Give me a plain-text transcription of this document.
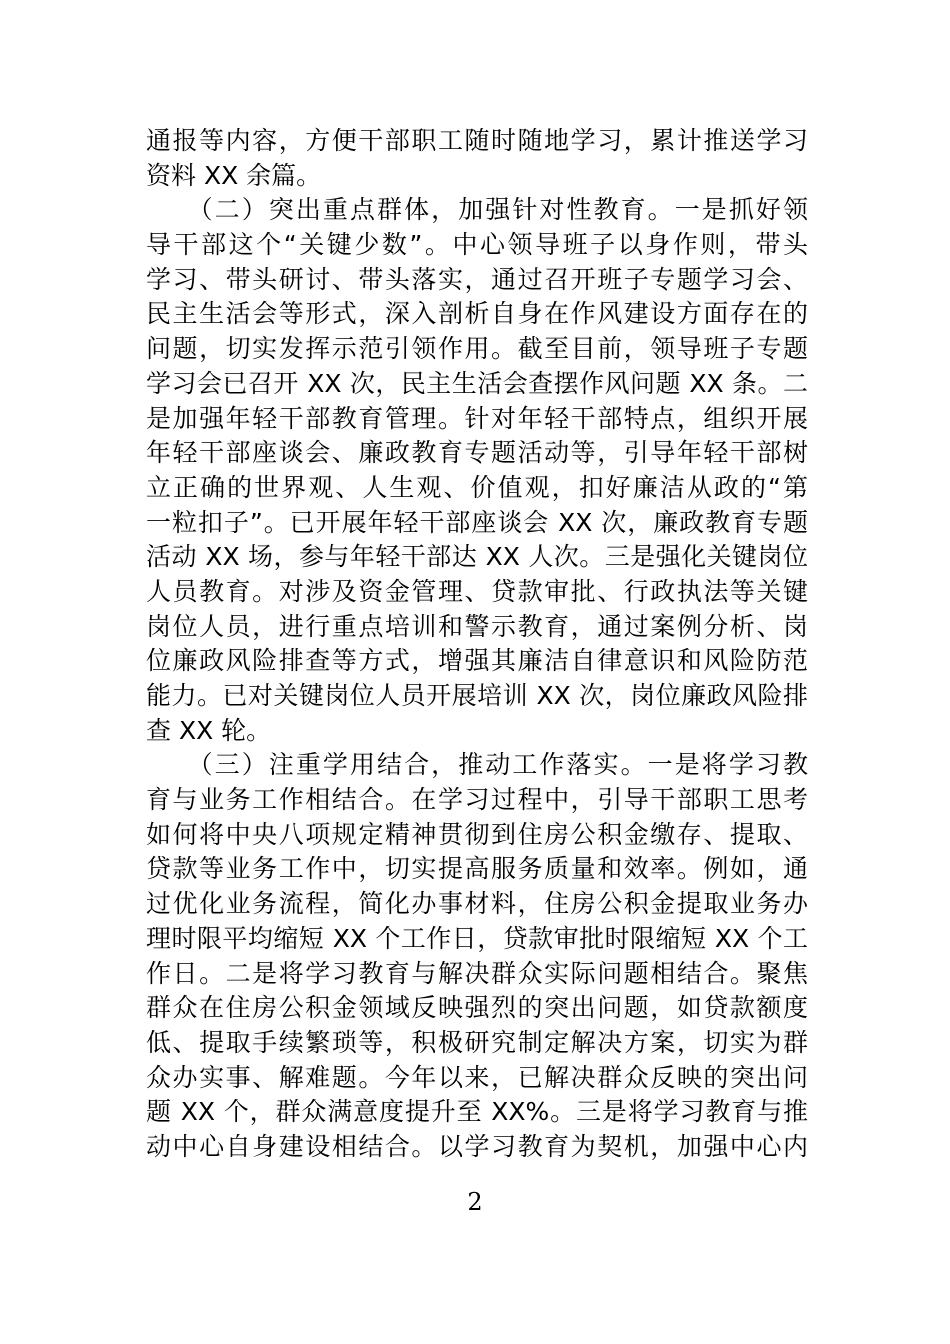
通报等内容，方便干部职工随时随地学习，累计推送学习
资料 XX 余篇。
　　（二）突出重点群体，加强针对性教育。一是抓好领
导干部这个“关键少数”。中心领导班子以身作则，带头
学习、带头研讨、带头落实，通过召开班子专题学习会、
民主生活会等形式，深入剖析自身在作风建设方面存在的
问题，切实发挥示范引领作用。截至目前，领导班子专题
学习会已召开 XX 次，民主生活会查摆作风问题 XX 条。二
是加强年轻干部教育管理。针对年轻干部特点，组织开展
年轻干部座谈会、廉政教育专题活动等，引导年轻干部树
立正确的世界观、人生观、价值观，扣好廉洁从政的“第
一粒扣子”。已开展年轻干部座谈会 XX 次，廉政教育专题
活动 XX 场，参与年轻干部达 XX 人次。三是强化关键岗位
人员教育。对涉及资金管理、贷款审批、行政执法等关键
岗位人员，进行重点培训和警示教育，通过案例分析、岗
位廉政风险排查等方式，增强其廉洁自律意识和风险防范
能力。已对关键岗位人员开展培训 XX 次，岗位廉政风险排
查 XX 轮。
　　（三）注重学用结合，推动工作落实。一是将学习教
育与业务工作相结合。在学习过程中，引导干部职工思考
如何将中央八项规定精神贯彻到住房公积金缴存、提取、
贷款等业务工作中，切实提高服务质量和效率。例如，通
过优化业务流程，简化办事材料，住房公积金提取业务办
理时限平均缩短 XX 个工作日，贷款审批时限缩短 XX 个工
作日。二是将学习教育与解决群众实际问题相结合。聚焦
群众在住房公积金领域反映强烈的突出问题，如贷款额度
低、提取手续繁琐等，积极研究制定解决方案，切实为群
众办实事、解难题。今年以来，已解决群众反映的突出问
题 XX 个，群众满意度提升至 XX%。三是将学习教育与推
动中心自身建设相结合。以学习教育为契机，加强中心内
2
